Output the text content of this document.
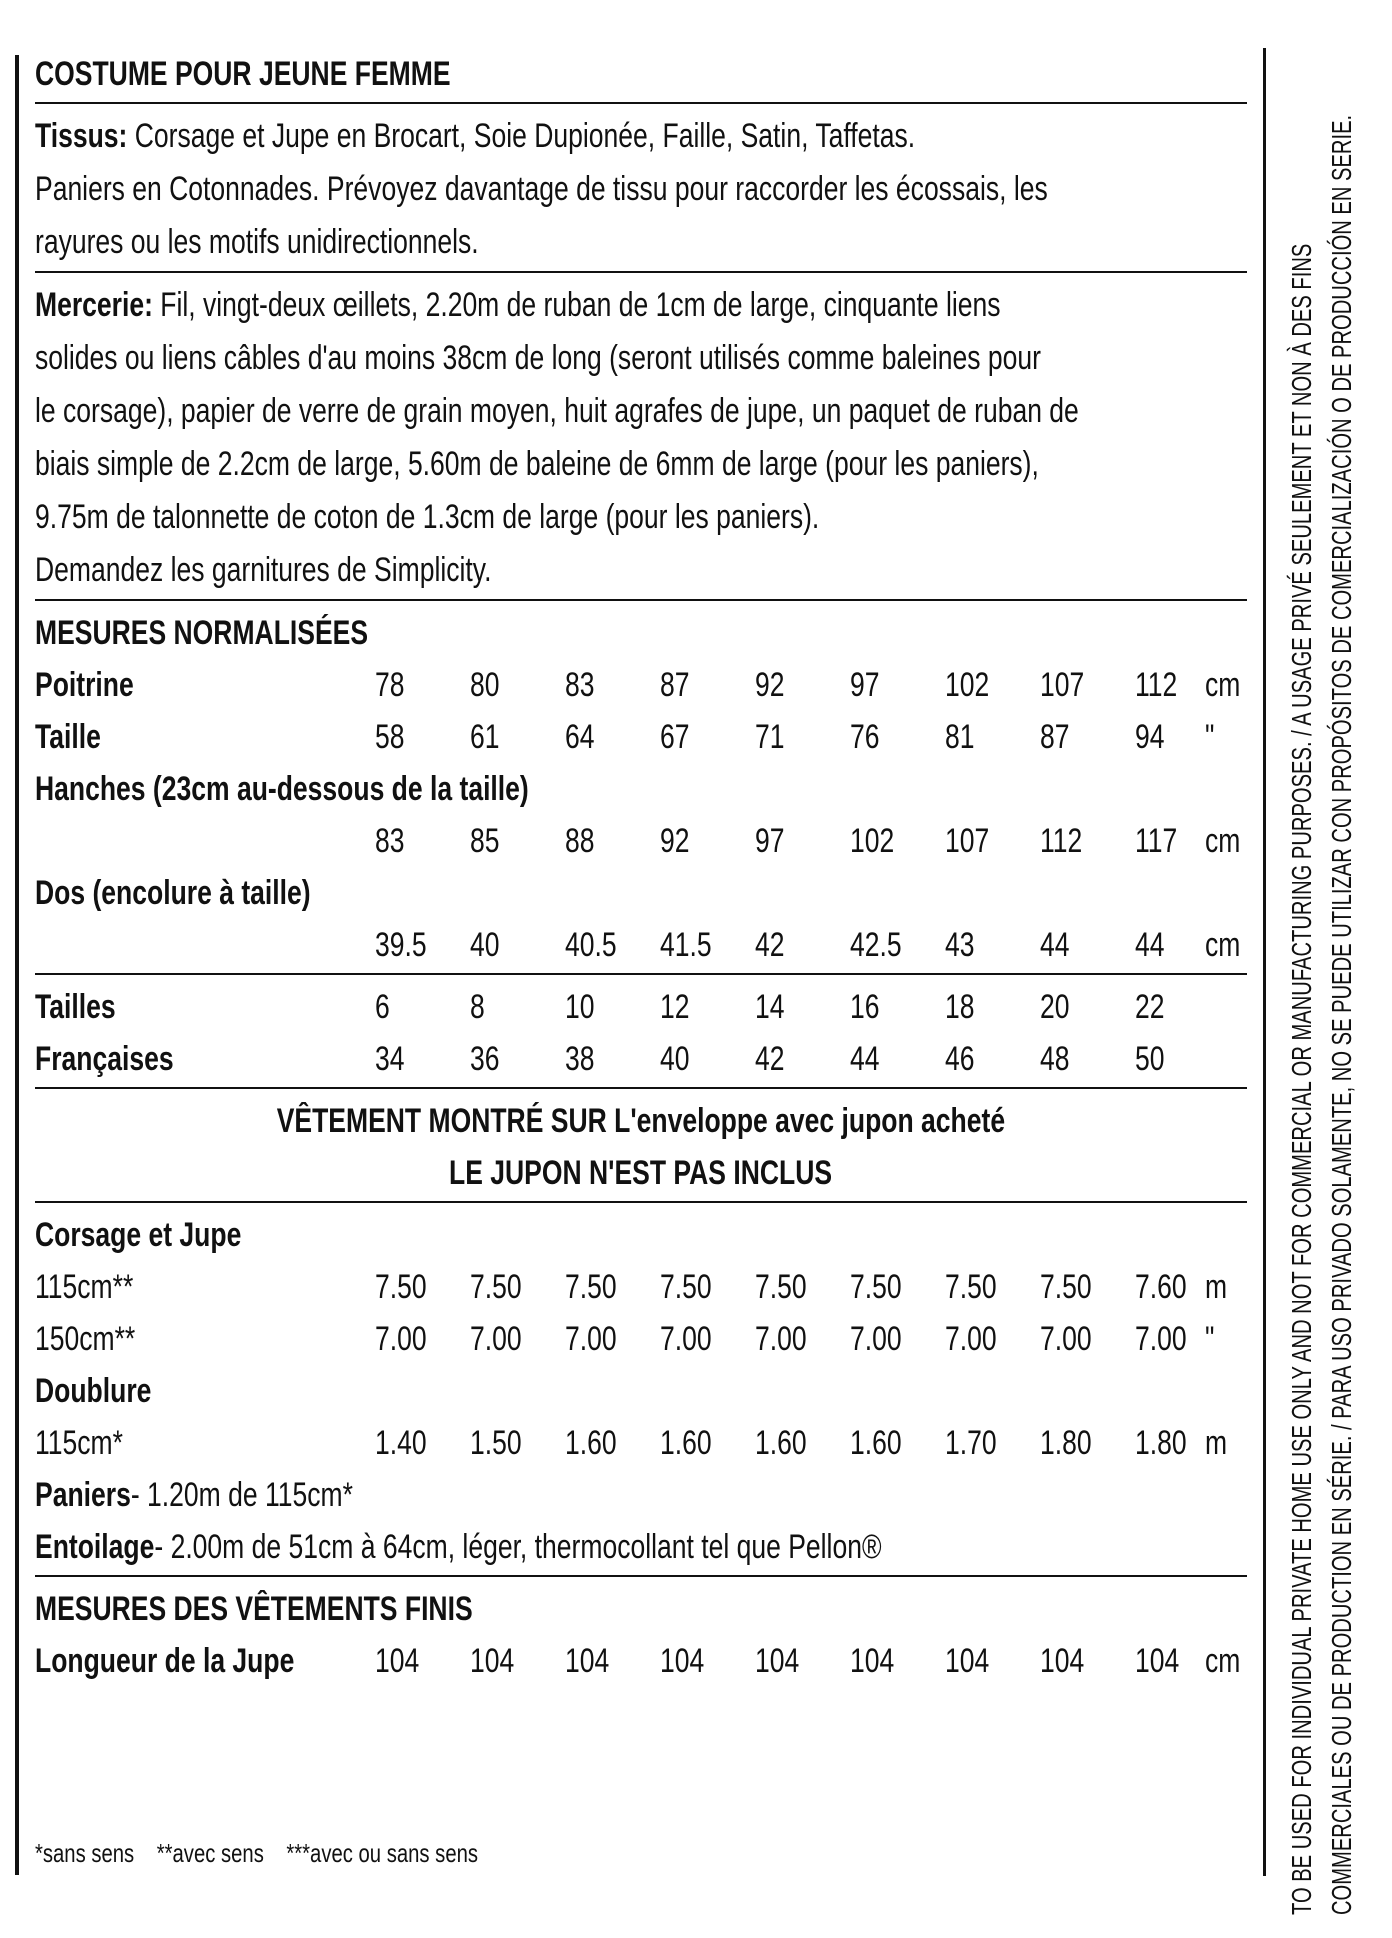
COSTUME POUR JEUNE FEMME
Tissus: Corsage et Jupe en Brocart, Soie Dupionée, Faille, Satin, Taffetas.
Paniers en Cotonnades. Prévoyez davantage de tissu pour raccorder les écossais, les
rayures ou les motifs unidirectionnels.
Mercerie: Fil, vingt-deux œillets, 2.20m de ruban de 1cm de large, cinquante liens
solides ou liens câbles d'au moins 38cm de long (seront utilisés comme baleines pour
le corsage), papier de verre de grain moyen, huit agrafes de jupe, un paquet de ruban de
biais simple de 2.2cm de large, 5.60m de baleine de 6mm de large (pour les paniers),
9.75m de talonnette de coton de 1.3cm de large (pour les paniers).
Demandez les garnitures de Simplicity.
MESURES NORMALISÉES
Poitrine	78	80	83	87	92	97	102	107	112 cm
Taille	58	61	64	67	71	76	81	87	94	"
Hanches (23cm au-dessous de la taille)
83	85	88	92	97	102	107	112	117 cm
Dos (encolure à taille)
39.5	40	40.5	41.5	42	42.5	43	44	44	cm
Tailles	6	8	10	12	14	16	18	20	22
Françaises	34	36	38	40	42	44	46	48	50
VÊTEMENT MONTRÉ SUR L'enveloppe avec jupon acheté
LE JUPON N'EST PAS INCLUS
Corsage et Jupe
115cm**	7.50	7.50	7.50	7.50	7.50	7.50	7.50	7.50	7.60 m
150cm**	7.00	7.00	7.00	7.00	7.00	7.00	7.00	7.00	7.00 "
Doublure
115cm*	1.40	1.50	1.60	1.60	1.60	1.60	1.70	1.80	1.80 m
Paniers- 1.20m de 115cm*
Entoilage- 2.00m de 51cm à 64cm, léger, thermocollant tel que Pellon®
MESURES DES VÊTEMENTS FINIS
Longueur de la Jupe 104	104	104	104	104	104	104	104	104 cm
*sans sens    **avec sens    ***avec ou sans sens	TO BE USED FOR INDIVIDUAL PRIVATE HOME USE ONLY AND NOT FOR COMMERCIAL OR MANUFACTURING PURPOSES. / A USAGE PRIVÉ SEULEMENT ET NON À DES FINS COMMERCIALES OU DE PRODUCTION EN SÉRIE. / PARA USO PRIVADO SOLAMENTE, NO SE PUEDE UTILIZAR CON PROPÓSITOS DE COMERCIALIZACIÓN O DE PRODUCCIÓN EN SERIE.
